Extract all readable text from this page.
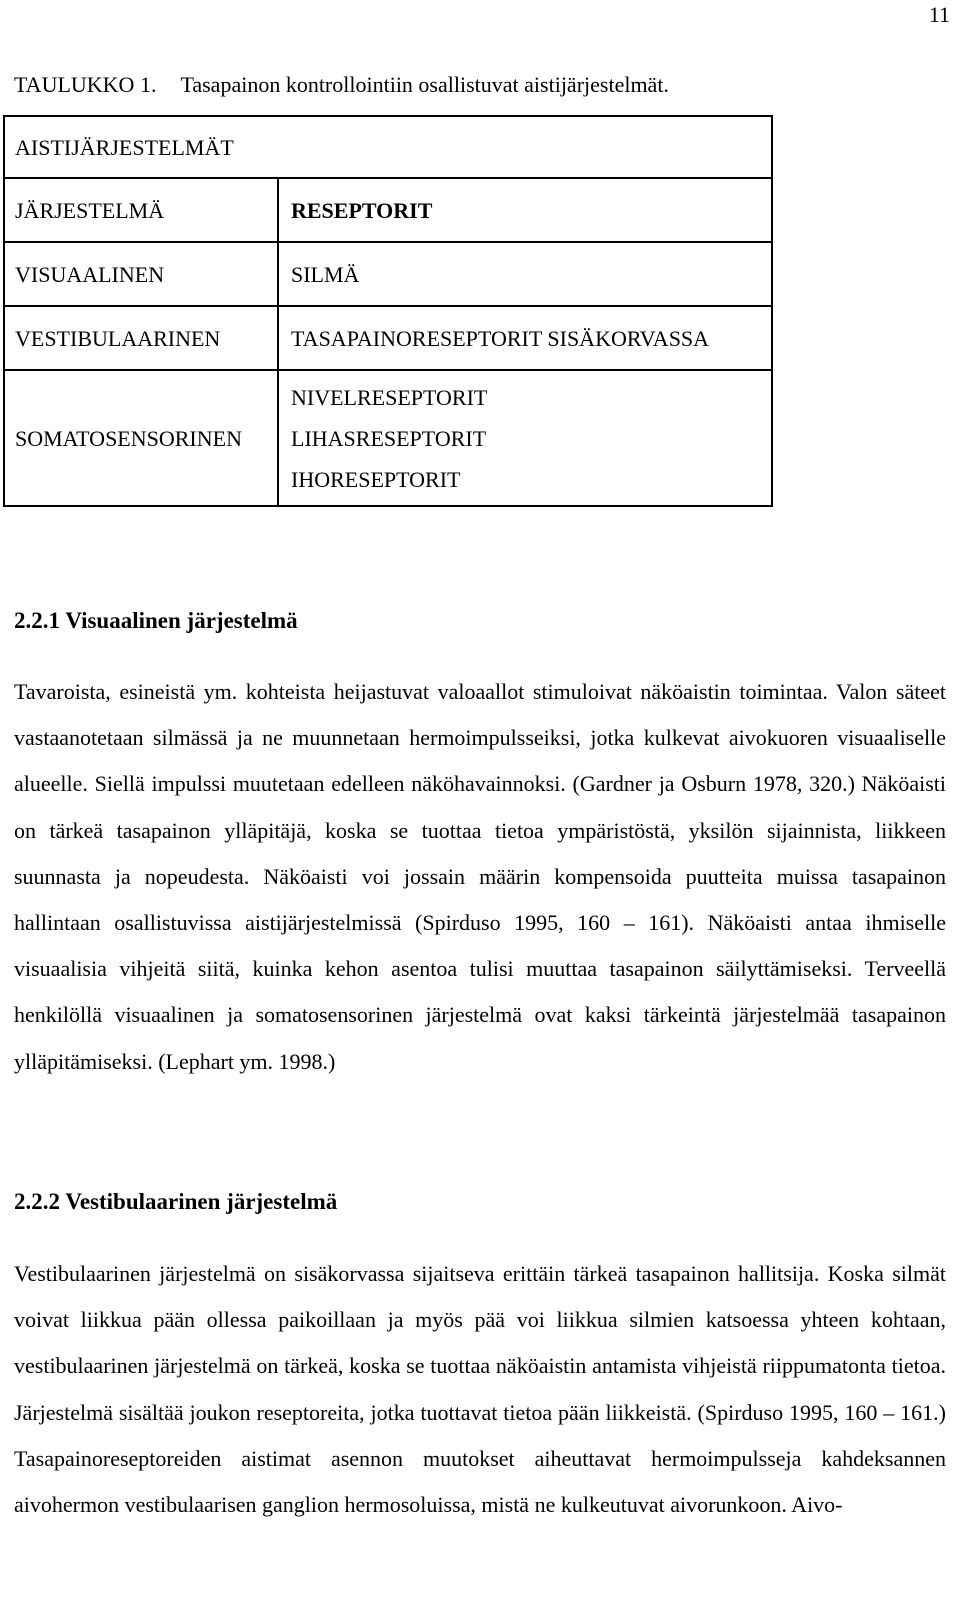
11
TAULUKKO 1. Tasapainon kontrollointiin osallistuvat aistijärjestelmät.
AISTIJÄRJESTELMÄT	
JÄRJESTELMÄ	RESEPTORIT
VISUAALINEN	SILMÄ
VESTIBULAARINEN	TASAPAINORESEPTORIT SISÄKORVASSA
SOMATOSENSORINEN	NIVELRESEPTORIT
LIHASRESEPTORIT
IHORESEPTORIT
2.2.1 Visuaalinen järjestelmä
Tavaroista, esineistä ym. kohteista heijastuvat valoaallot stimuloivat näköaistin toimintaa. Valon säteet vastaanotetaan silmässä ja ne muunnetaan hermoimpulsseiksi, jotka kulkevat aivokuoren visuaaliselle alueelle. Siellä impulssi muutetaan edelleen näköhavainnoksi. (Gardner ja Osburn 1978, 320.) Näköaisti on tärkeä tasapainon ylläpitäjä, koska se tuottaa tietoa ympäristöstä, yksilön sijainnista, liikkeen suunnasta ja nopeudesta. Näköaisti voi jossain määrin kompensoida puutteita muissa tasapainon hallintaan osallistuvissa aistijärjestelmissä (Spirduso 1995, 160 – 161). Näköaisti antaa ihmiselle visuaalisia vihjeitä siitä, kuinka kehon asentoa tulisi muuttaa tasapainon säilyttämiseksi. Terveellä henkilöllä visuaalinen ja somatosensorinen järjestelmä ovat kaksi tärkeintä järjestelmää tasapainon ylläpitämiseksi. (Lephart ym. 1998.)
2.2.2 Vestibulaarinen järjestelmä
Vestibulaarinen järjestelmä on sisäkorvassa sijaitseva erittäin tärkeä tasapainon hallitsija. Koska silmät voivat liikkua pään ollessa paikoillaan ja myös pää voi liikkua silmien katsoessa yhteen kohtaan, vestibulaarinen järjestelmä on tärkeä, koska se tuottaa näköaistin antamista vihjeistä riippumatonta tietoa. Järjestelmä sisältää joukon reseptoreita, jotka tuottavat tietoa pään liikkeistä. (Spirduso 1995, 160 – 161.) Tasapainoreseptoreiden aistimat asennon muutokset aiheuttavat hermoimpulsseja kahdeksannen aivohermon vestibulaarisen ganglion hermosoluissa, mistä ne kulkeutuvat aivorunkoon. Aivo-
